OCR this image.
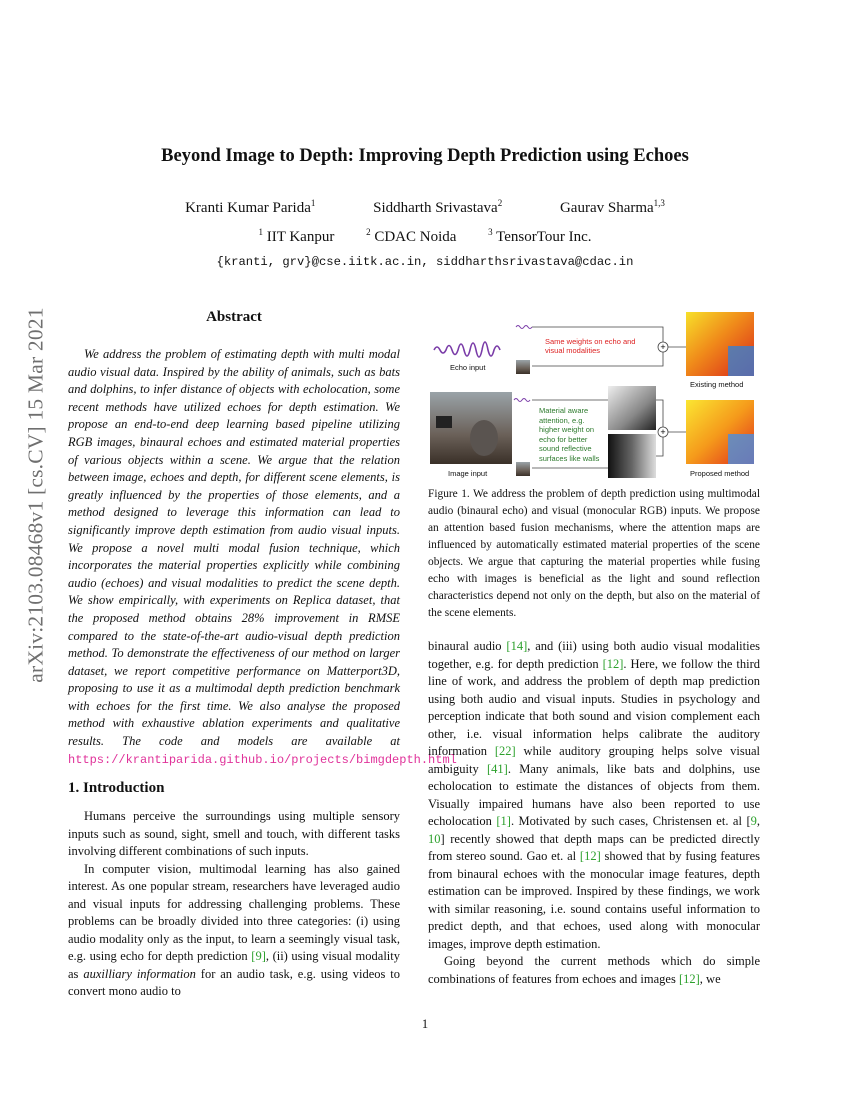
arXiv:2103.08468v1 [cs.CV] 15 Mar 2021
Beyond Image to Depth: Improving Depth Prediction using Echoes
Kranti Kumar Parida$^1$	Siddharth Srivastava$^2$	Gaurav Sharma$^{1,3}$
$^1$ IIT Kanpur	$^2$ CDAC Noida	$^3$ TensorTour Inc.
{kranti, grv}@cse.iitk.ac.in, siddharthsrivastava@cdac.in
Abstract
We address the problem of estimating depth with multi modal audio visual data. Inspired by the ability of animals, such as bats and dolphins, to infer distance of objects with echolocation, some recent methods have utilized echoes for depth estimation. We propose an end-to-end deep learning based pipeline utilizing RGB images, binaural echoes and estimated material properties of various objects within a scene. We argue that the relation between image, echoes and depth, for different scene elements, is greatly influenced by the properties of those elements, and a method designed to leverage this information can lead to significantly improve depth estimation from audio visual inputs. We propose a novel multi modal fusion technique, which incorporates the material properties explicitly while combining audio (echoes) and visual modalities to predict the scene depth. We show empirically, with experiments on Replica dataset, that the proposed method obtains 28% improvement in RMSE compared to the state-of-the-art audio-visual depth prediction method. To demonstrate the effectiveness of our method on larger dataset, we report competitive performance on Matterport3D, proposing to use it as a multimodal depth prediction benchmark with echoes for the first time. We also analyse the proposed method with exhaustive ablation experiments and qualitative results. The code and models are available at https://krantiparida.github.io/projects/bimgdepth.html
1. Introduction

Humans perceive the surroundings using multiple sensory inputs such as sound, sight, smell and touch, with different tasks involving different combinations of such inputs.

In computer vision, multimodal learning has also gained interest. As one popular stream, researchers have leveraged audio and visual inputs for addressing challenging problems. These problems can be broadly divided into three categories: (i) using audio modality only as the input, to learn a seemingly visual task, e.g. using echo for depth prediction [9], (ii) using visual modality as auxilliary information for an audio task, e.g. using videos to convert mono audio to

+
+
Echo input
Image input
Existing method
Proposed method
Same weights on echo and visual modalities
Material aware attention, e.g. higher weight on echo for better sound reflective surfaces like walls
Figure 1. We address the problem of depth prediction using multimodal audio (binaural echo) and visual (monocular RGB) inputs. We propose an attention based fusion mechanisms, where the attention maps are influenced by automatically estimated material properties of the scene objects. We argue that capturing the material properties while fusing echo with images is beneficial as the light and sound reflection characteristics depend not only on the depth, but also on the material of the scene elements.

binaural audio [14], and (iii) using both audio visual modalities together, e.g. for depth prediction [12]. Here, we follow the third line of work, and address the problem of depth map prediction using both audio and visual inputs. Studies in psychology and perception indicate that both sound and vision complement each other, i.e. visual information helps calibrate the auditory information [22] while auditory grouping helps solve visual ambiguity [41]. Many animals, like bats and dolphins, use echolocation to estimate the distances of objects from them. Visually impaired humans have also been reported to use echolocation [1]. Motivated by such cases, Christensen et. al [9, 10] recently showed that depth maps can be predicted directly from stereo sound. Gao et. al [12] showed that by fusing features from binaural echoes with the monocular image features, depth estimation can be improved. Inspired by these findings, we work with similar reasoning, i.e. sound contains useful information to predict depth, and that echoes, used along with monocular images, improve depth estimation.

Going beyond the current methods which do simple combinations of features from echoes and images [12], we

1
